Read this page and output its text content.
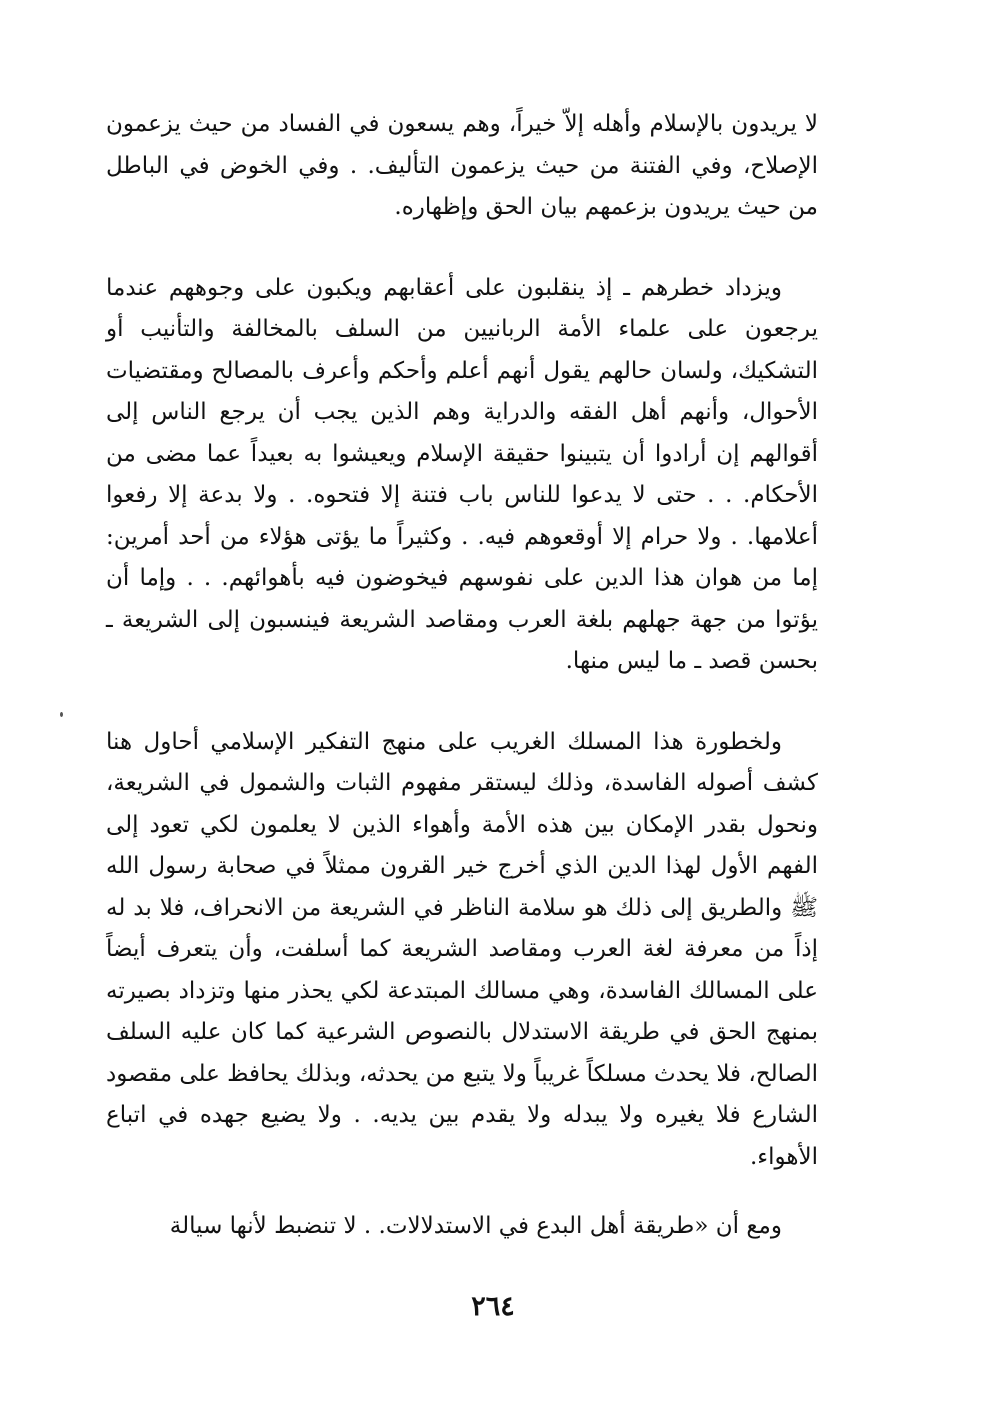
لا يريدون بالإسلام وأهله إلاّ خيراً، وهم يسعون في الفساد من حيث يزعمون الإصلاح، وفي الفتنة من حيث يزعمون التأليف. . وفي الخوض في الباطل من حيث يريدون بزعمهم بيان الحق وإظهاره.

ويزداد خطرهم ـ إذ ينقلبون على أعقابهم ويكبون على وجوههم عندما يرجعون على علماء الأمة الربانيين من السلف بالمخالفة والتأنيب أو التشكيك، ولسان حالهم يقول أنهم أعلم وأحكم وأعرف بالمصالح ومقتضيات الأحوال، وأنهم أهل الفقه والدراية وهم الذين يجب أن يرجع الناس إلى أقوالهم إن أرادوا أن يتبينوا حقيقة الإسلام ويعيشوا به بعيداً عما مضى من الأحكام. . . حتى لا يدعوا للناس باب فتنة إلا فتحوه. . ولا بدعة إلا رفعوا أعلامها. . ولا حرام إلا أوقعوهم فيه. . وكثيراً ما يؤتى هؤلاء من أحد أمرين: إما من هوان هذا الدين على نفوسهم فيخوضون فيه بأهوائهم. . . وإما أن يؤتوا من جهة جهلهم بلغة العرب ومقاصد الشريعة فينسبون إلى الشريعة ـ بحسن قصد ـ ما ليس منها.

ولخطورة هذا المسلك الغريب على منهج التفكير الإسلامي أحاول هنا كشف أصوله الفاسدة، وذلك ليستقر مفهوم الثبات والشمول في الشريعة، ونحول بقدر الإمكان بين هذه الأمة وأهواء الذين لا يعلمون لكي تعود إلى الفهم الأول لهذا الدين الذي أخرج خير القرون ممثلاً في صحابة رسول الله ﷺ والطريق إلى ذلك هو سلامة الناظر في الشريعة من الانحراف، فلا بد له إذاً من معرفة لغة العرب ومقاصد الشريعة كما أسلفت، وأن يتعرف أيضاً على المسالك الفاسدة، وهي مسالك المبتدعة لكي يحذر منها وتزداد بصيرته بمنهج الحق في طريقة الاستدلال بالنصوص الشرعية كما كان عليه السلف الصالح، فلا يحدث مسلكاً غريباً ولا يتبع من يحدثه، وبذلك يحافظ على مقصود الشارع فلا يغيره ولا يبدله ولا يقدم بين يديه. . ولا يضيع جهده في اتباع الأهواء.

ومع أن «طريقة أهل البدع في الاستدلالات. . لا تنضبط لأنها سيالة

٢٦٤
